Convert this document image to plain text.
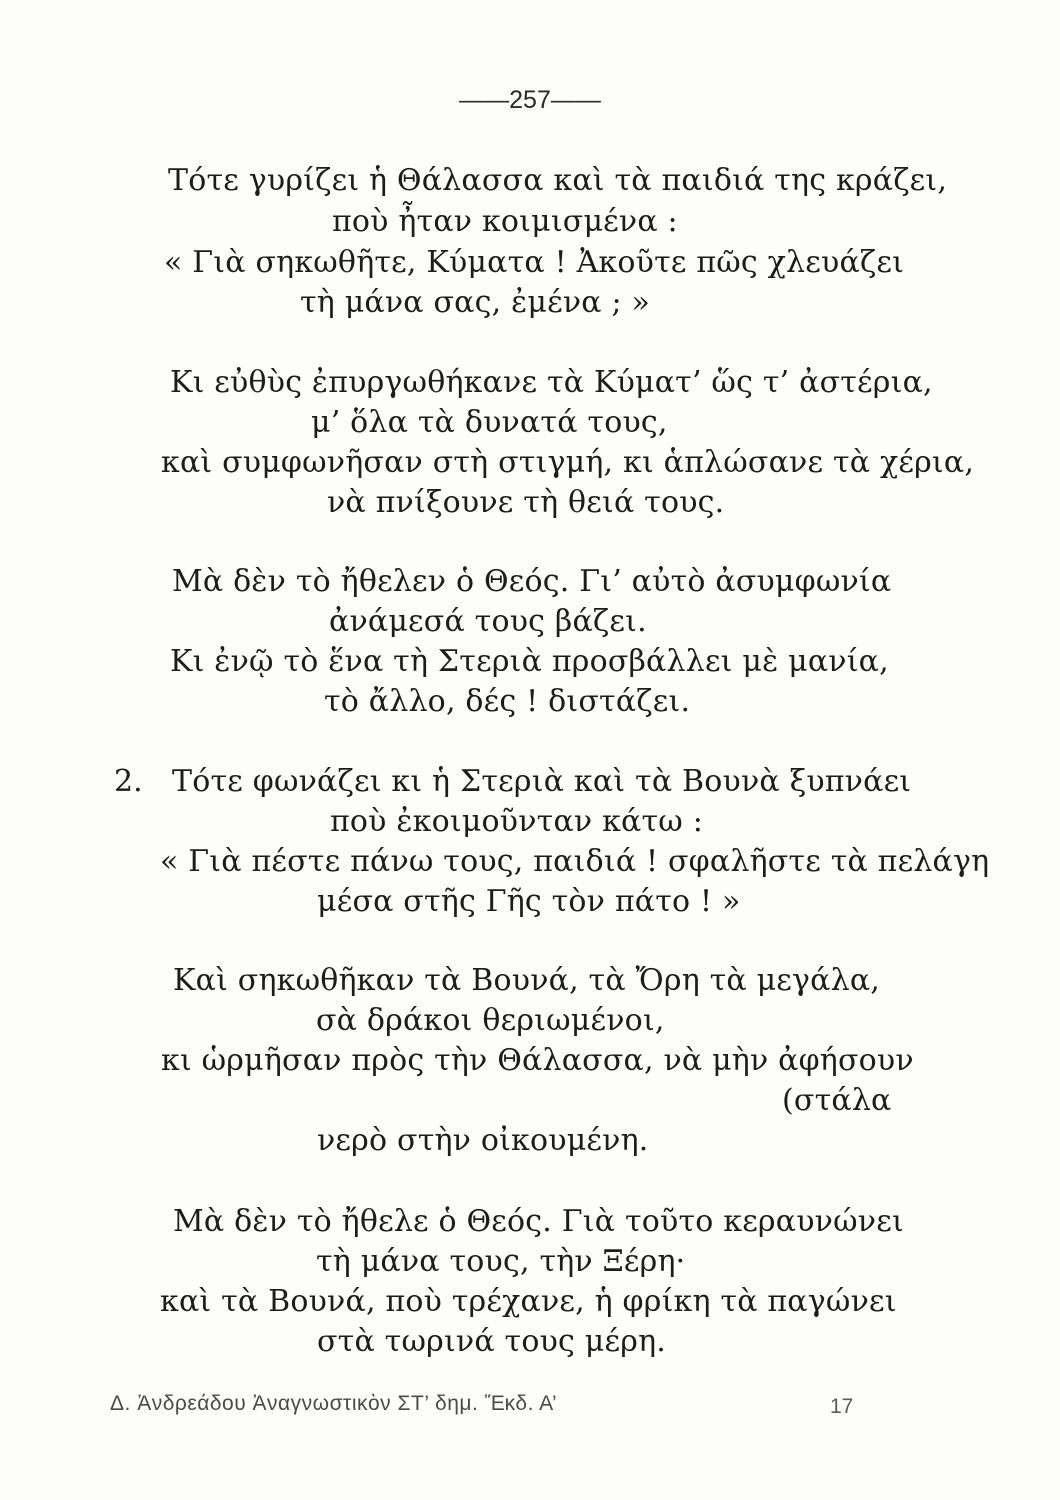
——257——
Τότε γυρίζει ἡ Θάλασσα καὶ τὰ παιδιά της κράζει,
ποὺ ἦταν κοιμισμένα :
« Γιὰ σηκωθῆτε, Κύματα ! Ἀκοῦτε πῶς χλευάζει
τὴ μάνα σας, ἐμένα ; »
Κι εὐθὺς ἐπυργωθήκανε τὰ Κύματ’ ὥς τ’ ἀστέρια,
μ’ ὅλα τὰ δυνατά τους,
καὶ συμφωνῆσαν στὴ στιγμή, κι ἁπλώσανε τὰ χέρια,
νὰ πνίξουνε τὴ θειά τους.
Μὰ δὲν τὸ ἤθελεν ὁ Θεός. Γι’ αὐτὸ ἀσυμφωνία
ἀνάμεσά τους βάζει.
Κι ἐνῷ τὸ ἕνα τὴ Στεριὰ προσβάλλει μὲ μανία,
τὸ ἄλλο, δές ! διστάζει.
2. Τότε φωνάζει κι ἡ Στεριὰ καὶ τὰ Βουνὰ ξυπνάει
ποὺ ἐκοιμοῦνταν κάτω :
« Γιὰ πέστε πάνω τους, παιδιά ! σφαλῆστε τὰ πελάγη
μέσα στῆς Γῆς τὸν πάτο ! »
Καὶ σηκωθῆκαν τὰ Βουνά, τὰ Ὄρη τὰ μεγάλα,
σὰ δράκοι θεριωμένοι,
κι ὡρμῆσαν πρὸς τὴν Θάλασσα, νὰ μὴν ἀφήσουν
(στάλα
νερὸ στὴν οἰκουμένη.
Μὰ δὲν τὸ ἤθελε ὁ Θεός. Γιὰ τοῦτο κεραυνώνει
τὴ μάνα τους, τὴν Ξέρη·
καὶ τὰ Βουνά, ποὺ τρέχανε, ἡ φρίκη τὰ παγώνει
στὰ τωρινά τους μέρη.
Δ. Ἀνδρεάδου Ἀναγνωστικὸν ΣΤ’ δημ. Ἔκδ. Α’	17
